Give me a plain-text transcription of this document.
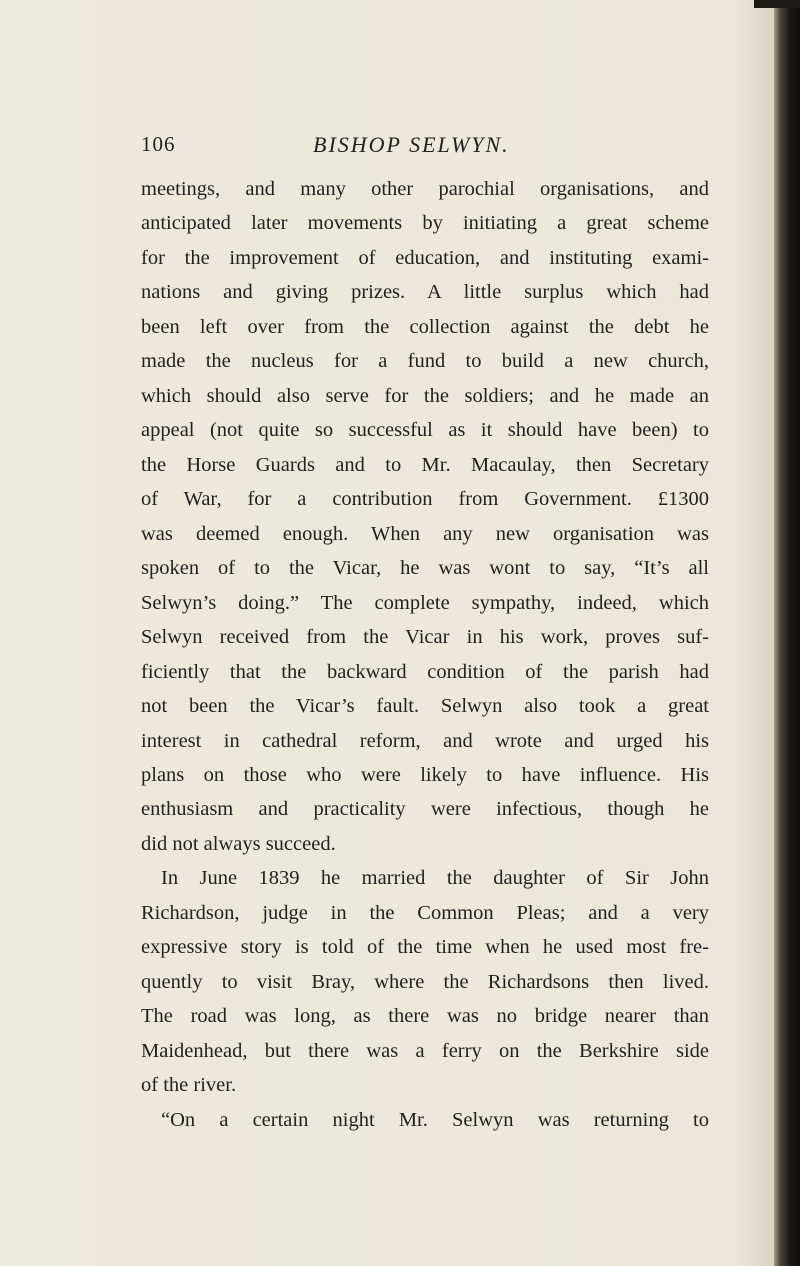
106	BISHOP SELWYN.
meetings, and many other parochial organisations, and
anticipated later movements by initiating a great scheme
for the improvement of education, and instituting exami-
nations and giving prizes. A little surplus which had
been left over from the collection against the debt he
made the nucleus for a fund to build a new church,
which should also serve for the soldiers; and he made an
appeal (not quite so successful as it should have been) to
the Horse Guards and to Mr. Macaulay, then Secretary
of War, for a contribution from Government. £1300
was deemed enough. When any new organisation was
spoken of to the Vicar, he was wont to say, “It’s all
Selwyn’s doing.” The complete sympathy, indeed, which
Selwyn received from the Vicar in his work, proves suf-
ficiently that the backward condition of the parish had
not been the Vicar’s fault. Selwyn also took a great
interest in cathedral reform, and wrote and urged his
plans on those who were likely to have influence. His
enthusiasm and practicality were infectious, though he
did not always succeed.
In June 1839 he married the daughter of Sir John
Richardson, judge in the Common Pleas; and a very
expressive story is told of the time when he used most fre-
quently to visit Bray, where the Richardsons then lived.
The road was long, as there was no bridge nearer than
Maidenhead, but there was a ferry on the Berkshire side
of the river.
“On a certain night Mr. Selwyn was returning to
